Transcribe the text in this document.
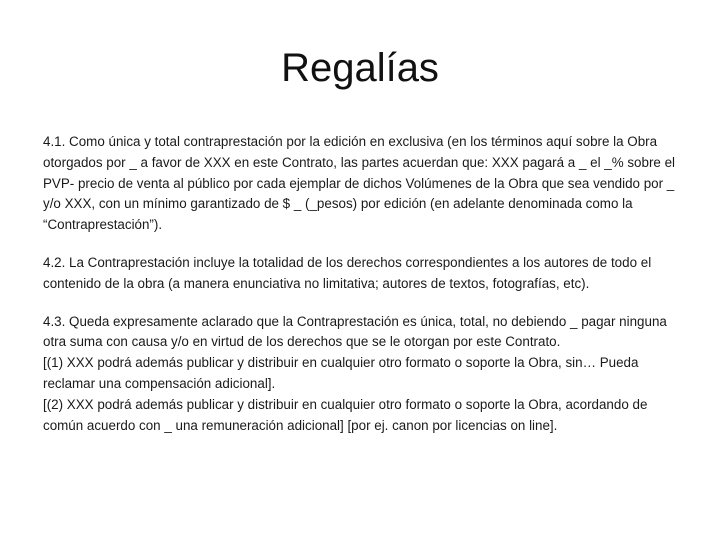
Regalías

4.1. Como única y total contraprestación por la edición en exclusiva (en los términos aquí sobre la Obra otorgados por _ a favor de XXX en este Contrato, las partes acuerdan que: XXX pagará a _ el _% sobre el PVP- precio de venta al público por cada ejemplar de dichos Volúmenes de la Obra que sea vendido por _ y/o XXX, con un mínimo garantizado de $ _ (_pesos) por edición (en adelante denominada como la “Contraprestación”).

4.2. La Contraprestación incluye la totalidad de los derechos correspondientes a los autores de todo el contenido de la obra (a manera enunciativa no limitativa; autores de textos, fotografías, etc).

4.3. Queda expresamente aclarado que la Contraprestación es única, total, no debiendo _ pagar ninguna otra suma con causa y/o en virtud de los derechos que se le otorgan por este Contrato.

[(1) XXX podrá además publicar y distribuir en cualquier otro formato o soporte la Obra, sin… Pueda reclamar una compensación adicional].

[(2) XXX podrá además publicar y distribuir en cualquier otro formato o soporte la Obra, acordando de común acuerdo con _ una remuneración adicional] [por ej. canon por licencias on line].
